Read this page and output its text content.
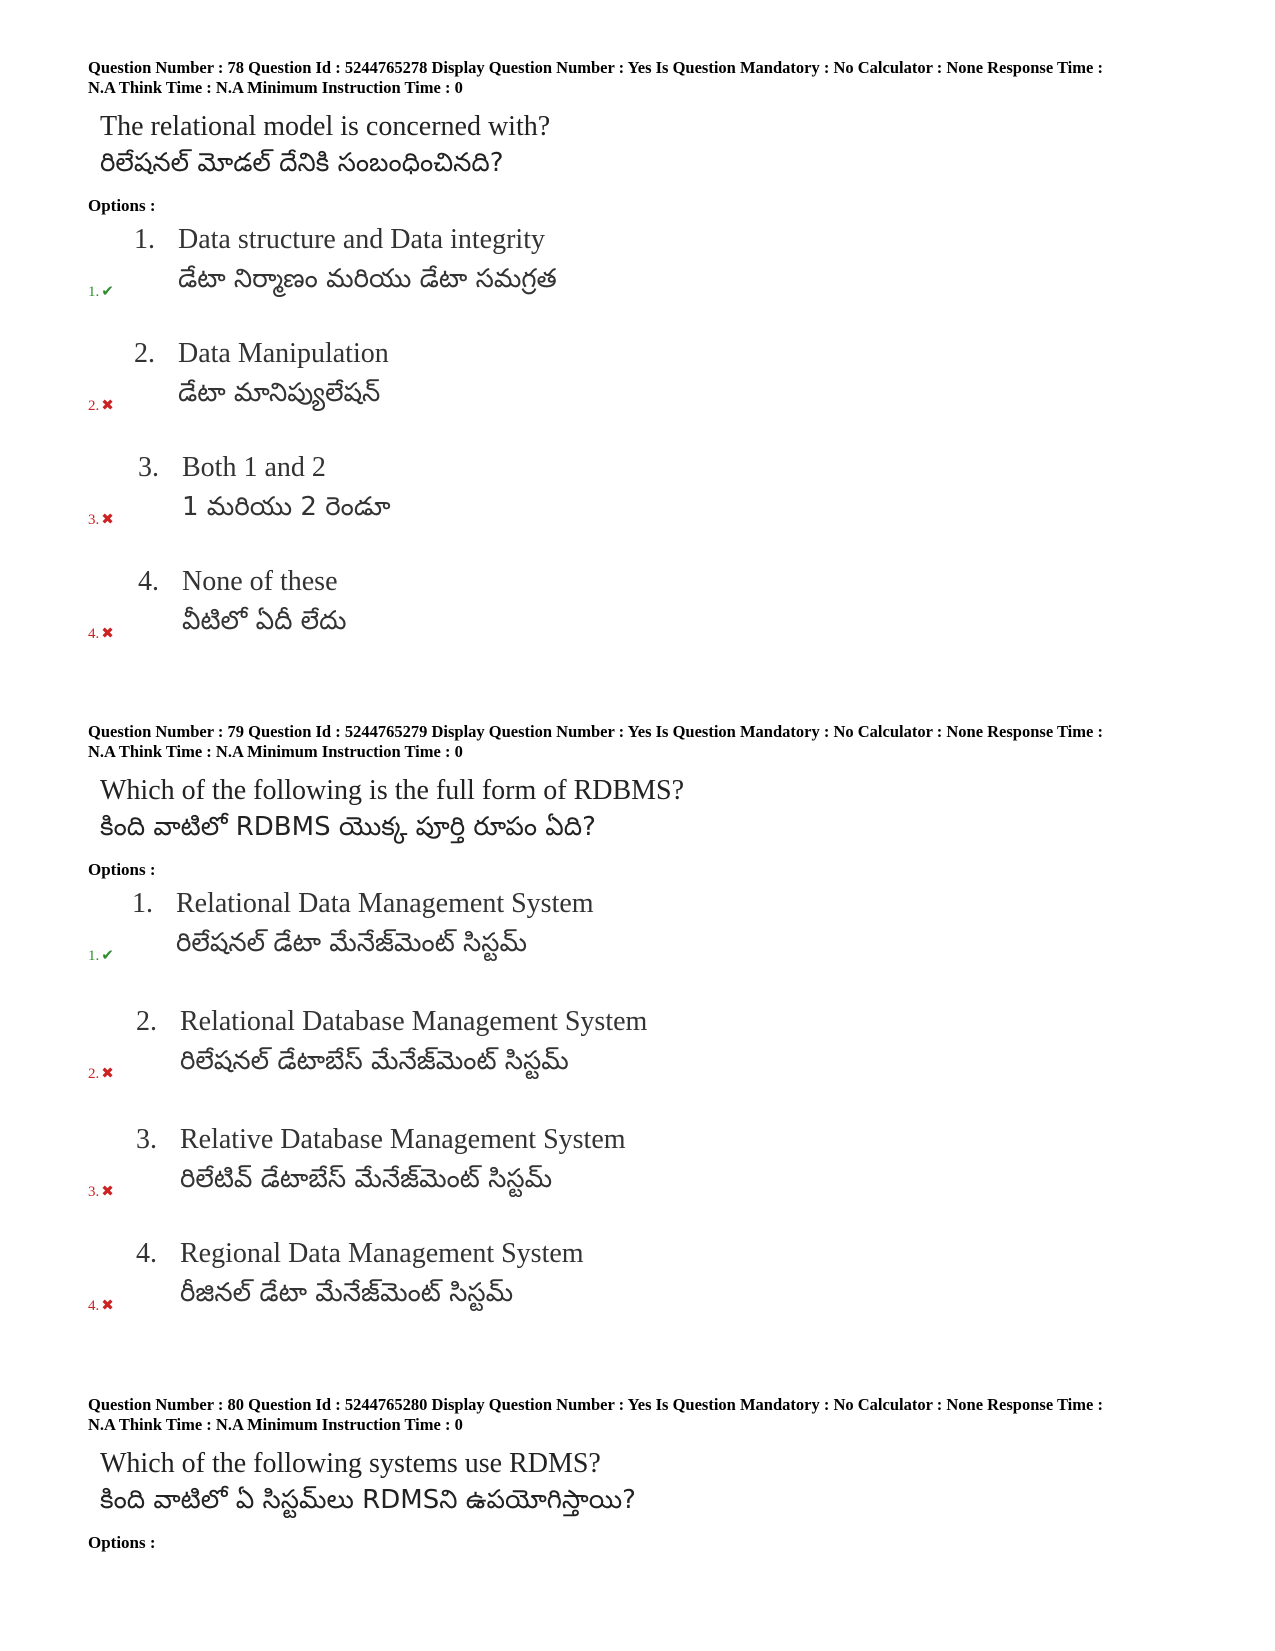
Question Number : 78 Question Id : 5244765278 Display Question Number : Yes Is Question Mandatory : No Calculator : None Response Time :
N.A Think Time : N.A Minimum Instruction Time : 0
The relational model is concerned with?
రిలేషనల్ మోడల్ దేనికి సంబంధించినది?
Options :
1. ✔
1. Data structure and Data integrity
డేటా నిర్మాణం మరియు డేటా సమగ్రత
2. ✖
2. Data Manipulation
డేటా మానిప్యులేషన్
3. ✖
3. Both 1 and 2
1 మరియు 2 రెండూ
4. ✖
4. None of these
వీటిలో ఏదీ లేదు
Question Number : 79 Question Id : 5244765279 Display Question Number : Yes Is Question Mandatory : No Calculator : None Response Time :
N.A Think Time : N.A Minimum Instruction Time : 0
Which of the following is the full form of RDBMS?
కింది వాటిలో RDBMS యొక్క పూర్తి రూపం ఏది?
Options :
1. ✔
1. Relational Data Management System
రిలేషనల్ డేటా మేనేజ్‌మెంట్ సిస్టమ్
2. ✖
2. Relational Database Management System
రిలేషనల్ డేటాబేస్ మేనేజ్‌మెంట్ సిస్టమ్
3. ✖
3. Relative Database Management System
రిలేటివ్ డేటాబేస్ మేనేజ్‌మెంట్ సిస్టమ్
4. ✖
4. Regional Data Management System
రీజినల్ డేటా మేనేజ్‌మెంట్ సిస్టమ్
Question Number : 80 Question Id : 5244765280 Display Question Number : Yes Is Question Mandatory : No Calculator : None Response Time :
N.A Think Time : N.A Minimum Instruction Time : 0
Which of the following systems use RDMS?
కింది వాటిలో ఏ సిస్టమ్‌లు RDMSని ఉపయోగిస్తాయి?
Options :
